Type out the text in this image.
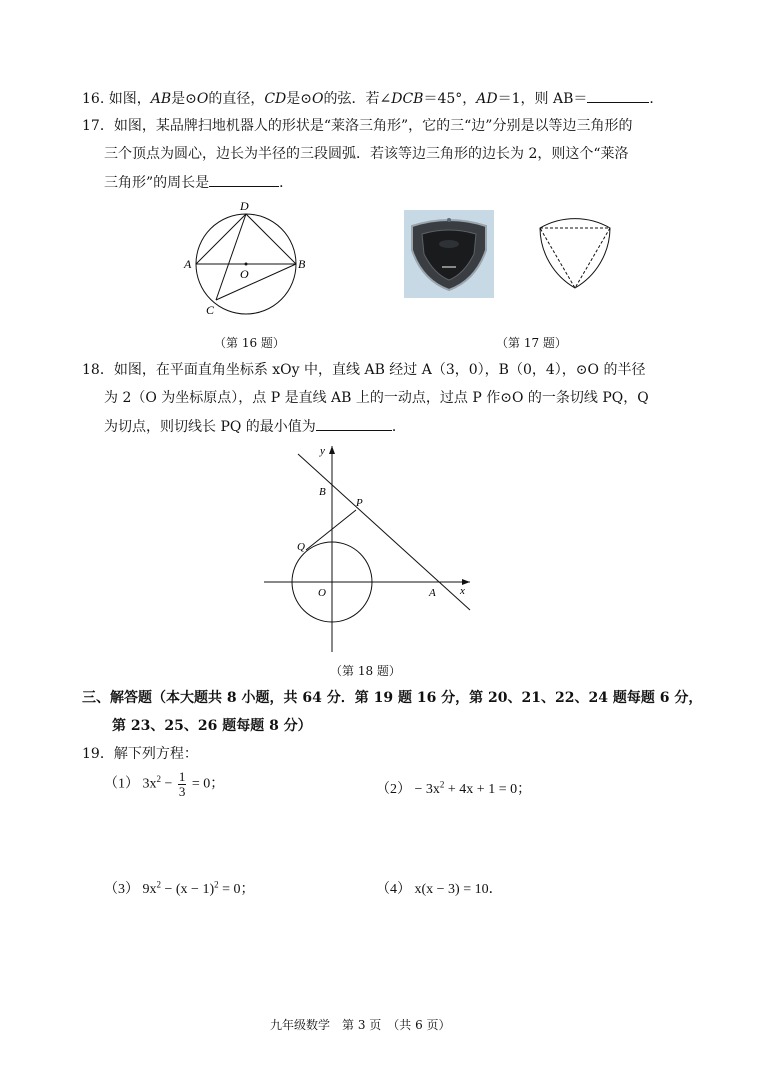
16. 如图，AB是⊙O的直径，CD是⊙O的弦．若∠DCB＝45°，AD＝1，则 AB＝	．
17．如图，某品牌扫地机器人的形状是“莱洛三角形”，它的三“边”分别是以等边三角形的
三个顶点为圆心，边长为半径的三段圆弧．若该等边三角形的边长为 2，则这个“莱洛
三角形”的周长是	．
D
A	B
O
C
（第 16 题）	（第 17 题）
18．如图，在平面直角坐标系 xOy 中，直线 AB 经过 A（3，0），B（0，4），⊙O 的半径
为 2（O 为坐标原点），点 P 是直线 AB 上的一动点，过点 P 作⊙O 的一条切线 PQ，Q
为切点，则切线长 PQ 的最小值为	．
y
x
B
P
Q
O	A
（第 18 题）
三、解答题（本大题共 8 小题，共 64 分．第 19 题 16 分，第 20、21、22、24 题每题 6 分，
第 23、25、26 题每题 8 分）
19．解下列方程：
（1） $3x^2 - \frac{1}{3} = 0$；	$(2) - 3x^2 + 4x + 1 = 0$；
（3） $9x^2 - (x - 1)^2 = 0$；	（4） x(x − 3) = 10．
九年级数学　第 3 页　（共 6 页）
